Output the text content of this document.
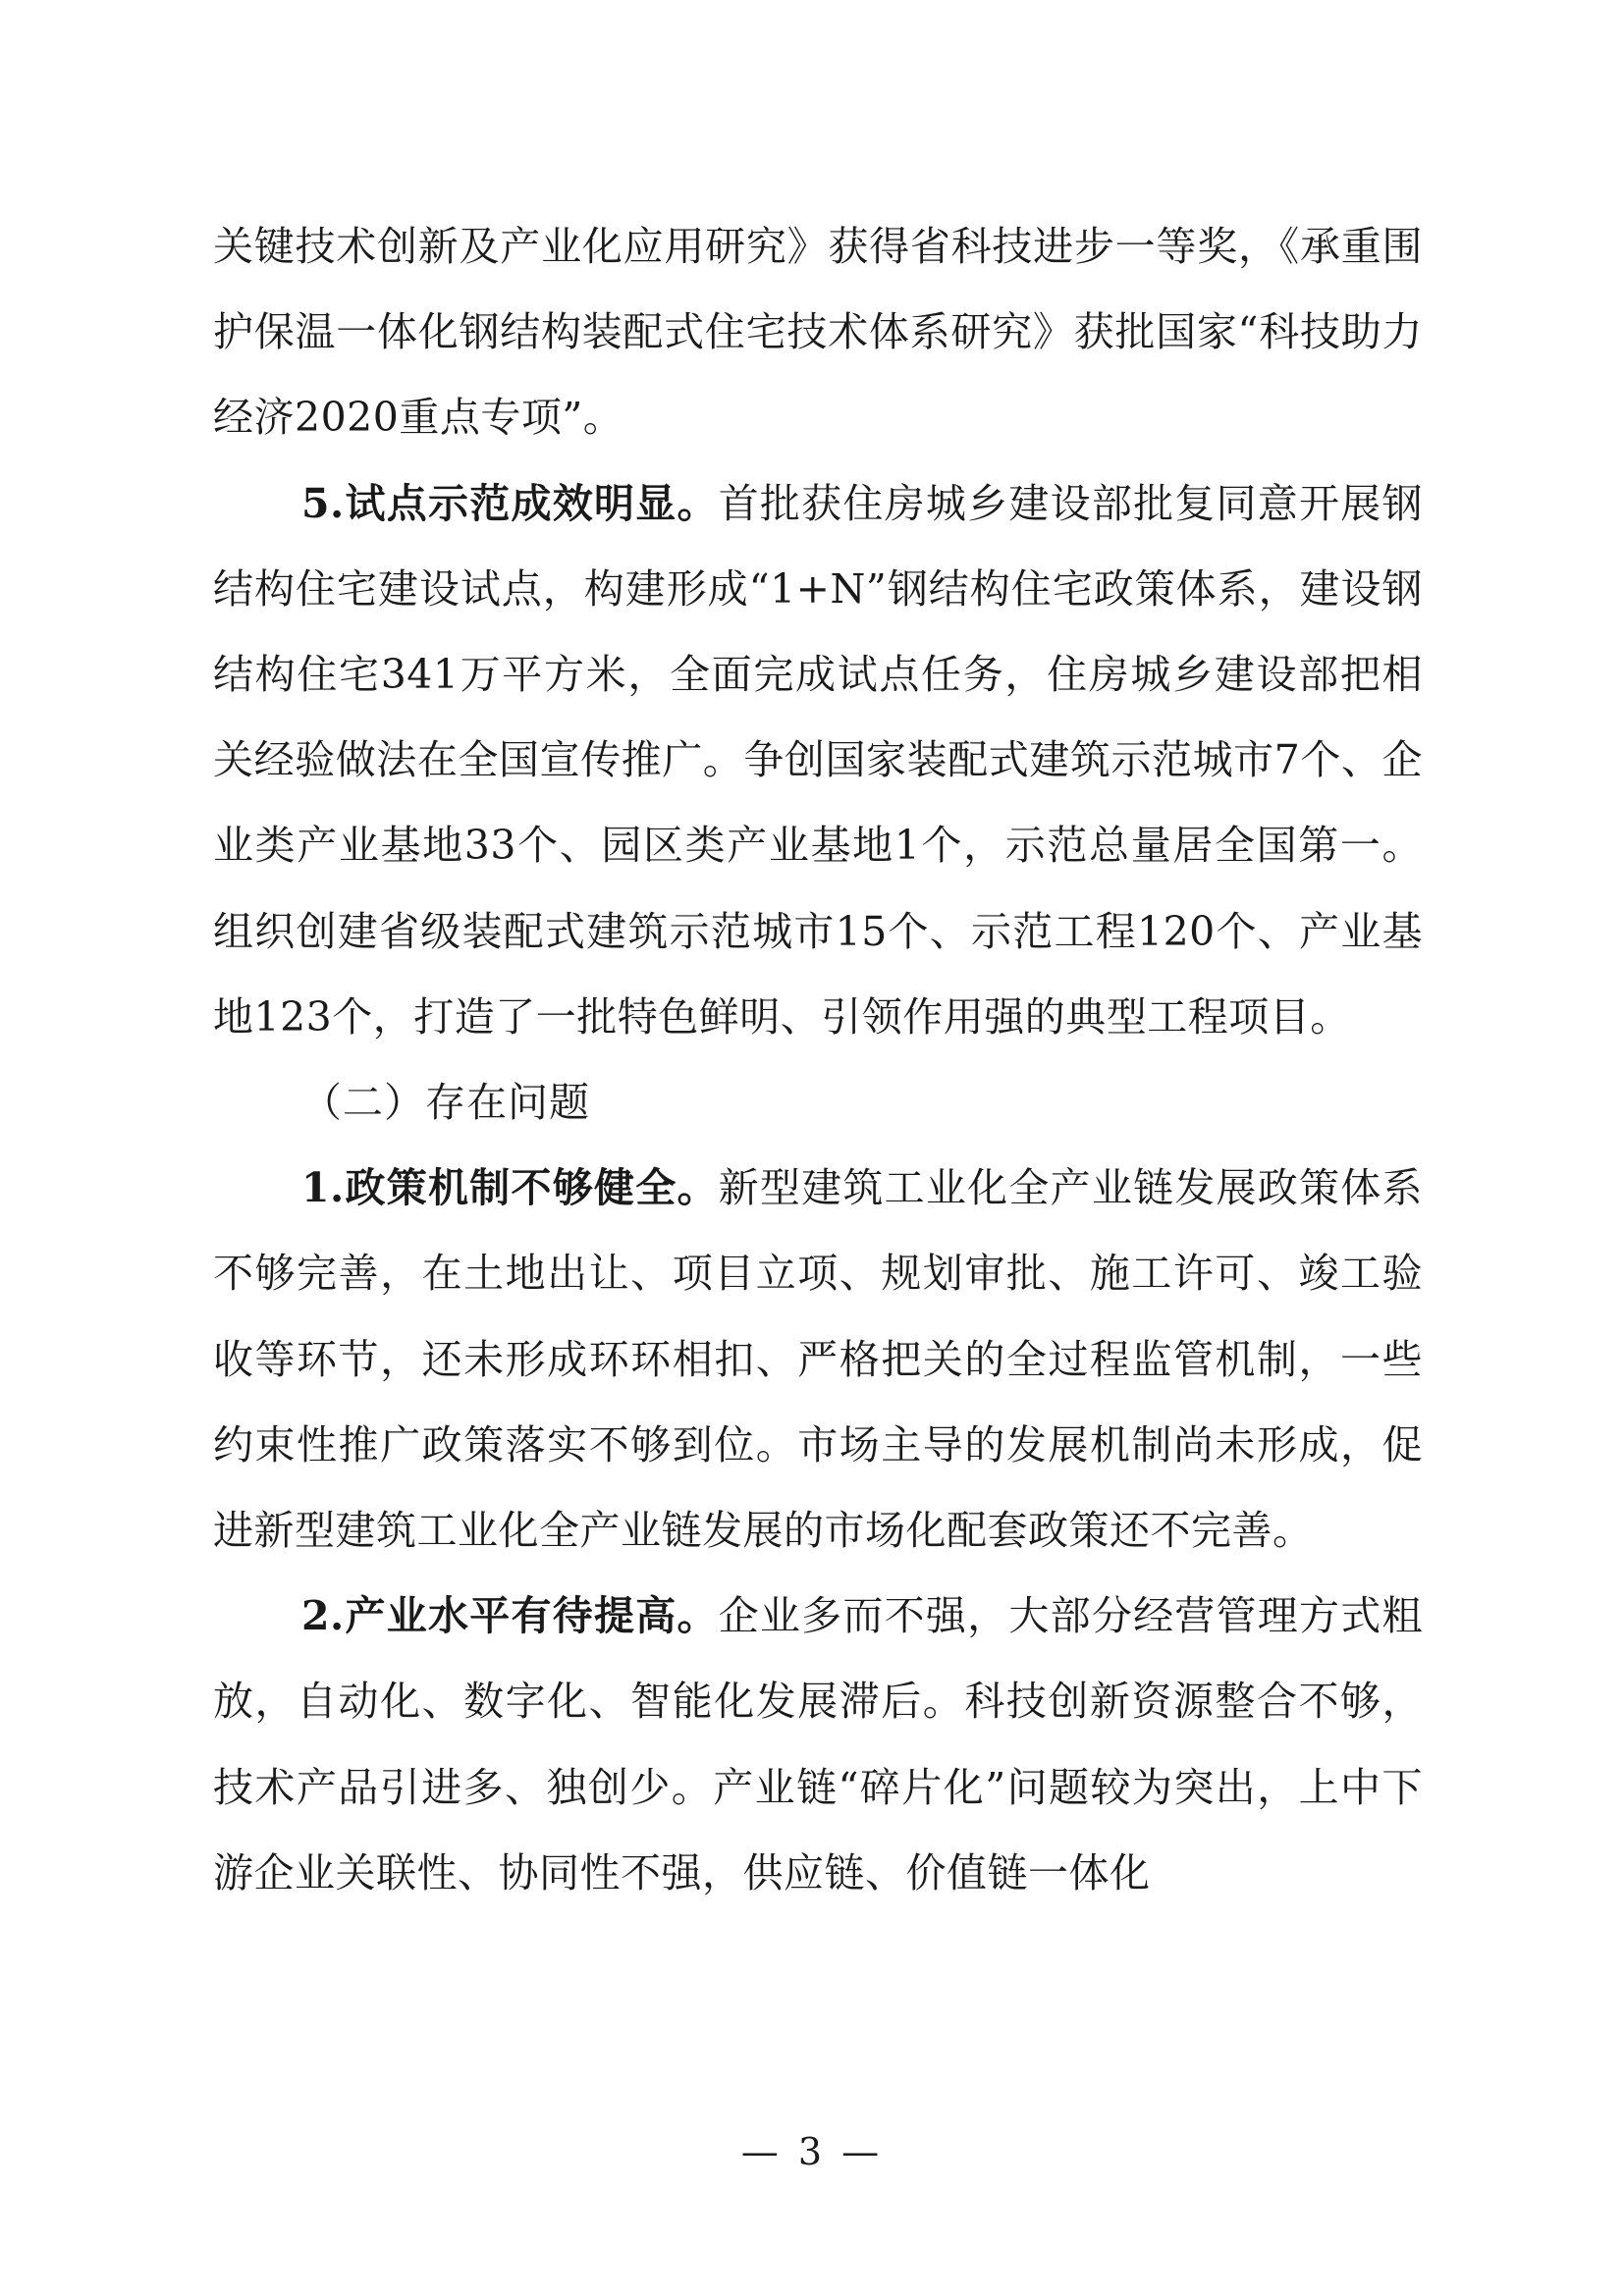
关键技术创新及产业化应用研究》获得省科技进步一等奖，《承重围护保温一体化钢结构装配式住宅技术体系研究》获批国家“科技助力经济2020重点专项”。

5.试点示范成效明显。首批获住房城乡建设部批复同意开展钢结构住宅建设试点，构建形成“1+N”钢结构住宅政策体系，建设钢结构住宅341万平方米，全面完成试点任务，住房城乡建设部把相关经验做法在全国宣传推广。争创国家装配式建筑示范城市7个、企业类产业基地33个、园区类产业基地1个，示范总量居全国第一。组织创建省级装配式建筑示范城市15个、示范工程120个、产业基地123个，打造了一批特色鲜明、引领作用强的典型工程项目。

（二）存在问题

1.政策机制不够健全。新型建筑工业化全产业链发展政策体系不够完善，在土地出让、项目立项、规划审批、施工许可、竣工验收等环节，还未形成环环相扣、严格把关的全过程监管机制，一些约束性推广政策落实不够到位。市场主导的发展机制尚未形成，促进新型建筑工业化全产业链发展的市场化配套政策还不完善。

2.产业水平有待提高。企业多而不强，大部分经营管理方式粗放，自动化、数字化、智能化发展滞后。科技创新资源整合不够，技术产品引进多、独创少。产业链“碎片化”问题较为突出，上中下游企业关联性、协同性不强，供应链、价值链一体化

— 3 —
